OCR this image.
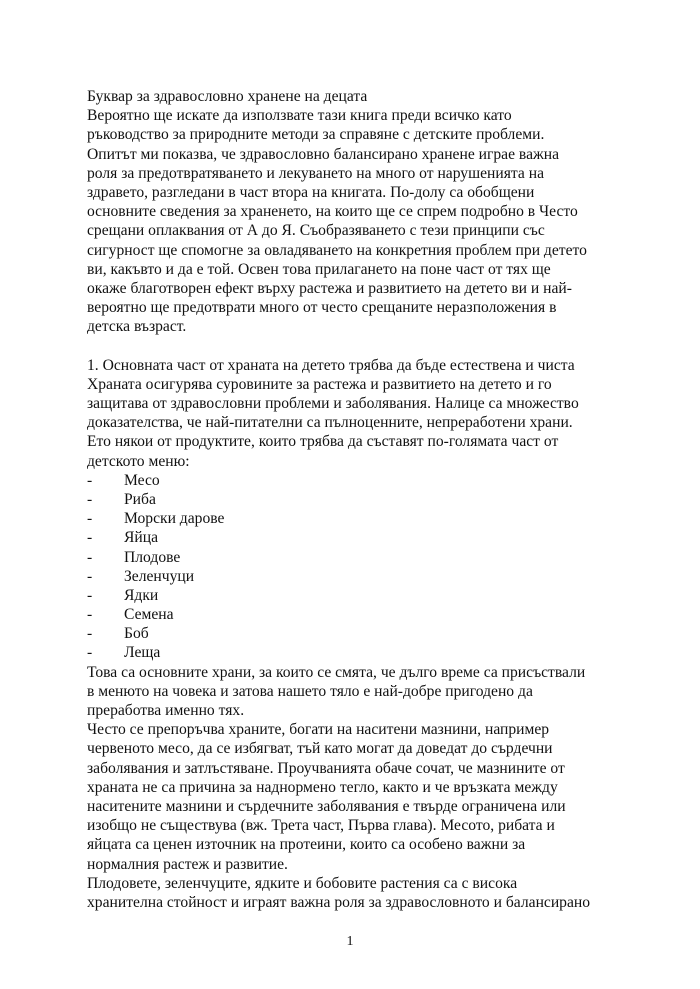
Буквар за здравословно хранене на децата
Вероятно ще искате да използвате тази книга преди всичко като
ръководство за природните методи за справяне с детските проблеми.
Опитът ми показва, че здравословно балансирано хранене играе важна
роля за предотвратяването и лекуването на много от нарушенията на
здравето, разгледани в част втора на книгата. По-долу са обобщени
основните сведения за храненето, на които ще се спрем подробно в Често
срещани оплаквания от А до Я. Съобразяването с тези принципи със
сигурност ще спомогне за овладяването на конкретния проблем при детето
ви, какъвто и да е той. Освен това прилагането на поне част от тях ще
окаже благотворен ефект върху растежа и развитието на детето ви и най-
вероятно ще предотврати много от често срещаните неразположения в
детска възраст.
1. Основната част от храната на детето трябва да бъде естествена и чиста
Храната осигурява суровините за растежа и развитието на детето и го
защитава от здравословни проблеми и заболявания. Налице са множество
доказателства, че най-питателни са пълноценните, непреработени храни.
Ето някои от продуктите, които трябва да съставят по-голямата част от
детското меню:
- Месо
- Риба
- Морски дарове
- Яйца
- Плодове
- Зеленчуци
- Ядки
- Семена
- Боб
- Леща
Това са основните храни, за които се смята, че дълго време са присъствали
в менюто на човека и затова нашето тяло е най-добре пригодено да
преработва именно тях.
Често се препоръчва храните, богати на наситени мазнини, например
червеното месо, да се избягват, тъй като могат да доведат до сърдечни
заболявания и затлъстяване. Проучванията обаче сочат, че мазнините от
храната не са причина за наднормено тегло, както и че връзката между
наситените мазнини и сърдечните заболявания е твърде ограничена или
изобщо не съществува (вж. Трета част, Първа глава). Месото, рибата и
яйцата са ценен източник на протеини, които са особено важни за
нормалния растеж и развитие.
Плодовете, зеленчуците, ядките и бобовите растения са с висока
хранителна стойност и играят важна роля за здравословното и балансирано
1
